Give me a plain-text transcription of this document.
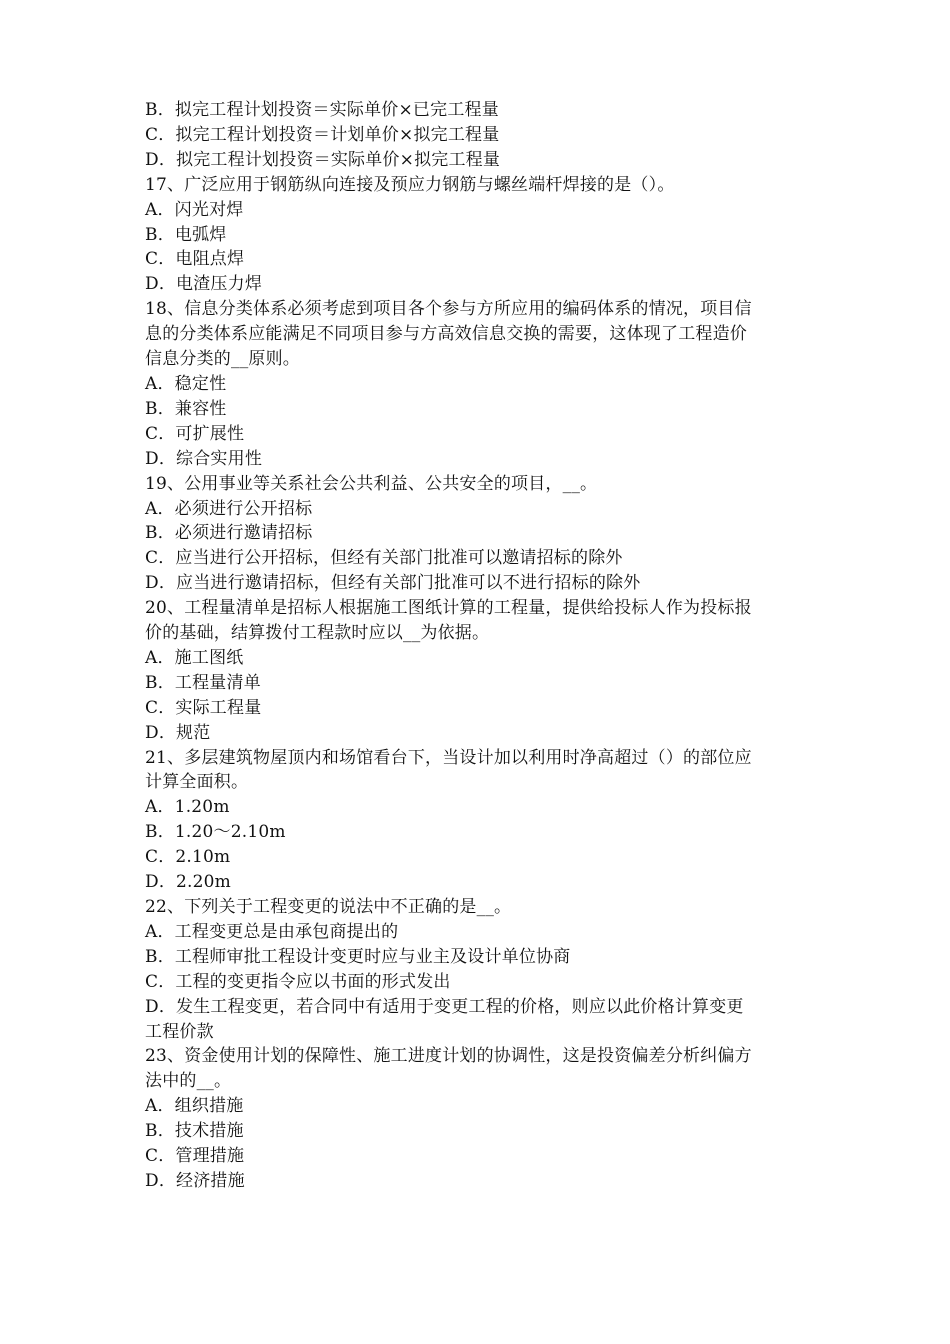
B．拟完工程计划投资＝实际单价×已完工程量
C．拟完工程计划投资＝计划单价×拟完工程量
D．拟完工程计划投资＝实际单价×拟完工程量
17、广泛应用于钢筋纵向连接及预应力钢筋与螺丝端杆焊接的是（）。
A．闪光对焊
B．电弧焊
C．电阻点焊
D．电渣压力焊
18、信息分类体系必须考虑到项目各个参与方所应用的编码体系的情况，项目信
息的分类体系应能满足不同项目参与方高效信息交换的需要，这体现了工程造价
信息分类的__原则。
A．稳定性
B．兼容性
C．可扩展性
D．综合实用性
19、公用事业等关系社会公共利益、公共安全的项目，__。
A．必须进行公开招标
B．必须进行邀请招标
C．应当进行公开招标，但经有关部门批准可以邀请招标的除外
D．应当进行邀请招标，但经有关部门批准可以不进行招标的除外
20、工程量清单是招标人根据施工图纸计算的工程量，提供给投标人作为投标报
价的基础，结算拨付工程款时应以__为依据。
A．施工图纸
B．工程量清单
C．实际工程量
D．规范
21、多层建筑物屋顶内和场馆看台下，当设计加以利用时净高超过（）的部位应
计算全面积。
A．1.20m
B．1.20～2.10m
C．2.10m
D．2.20m
22、下列关于工程变更的说法中不正确的是__。
A．工程变更总是由承包商提出的
B．工程师审批工程设计变更时应与业主及设计单位协商
C．工程的变更指令应以书面的形式发出
D．发生工程变更，若合同中有适用于变更工程的价格，则应以此价格计算变更
工程价款
23、资金使用计划的保障性、施工进度计划的协调性，这是投资偏差分析纠偏方
法中的__。
A．组织措施
B．技术措施
C．管理措施
D．经济措施
